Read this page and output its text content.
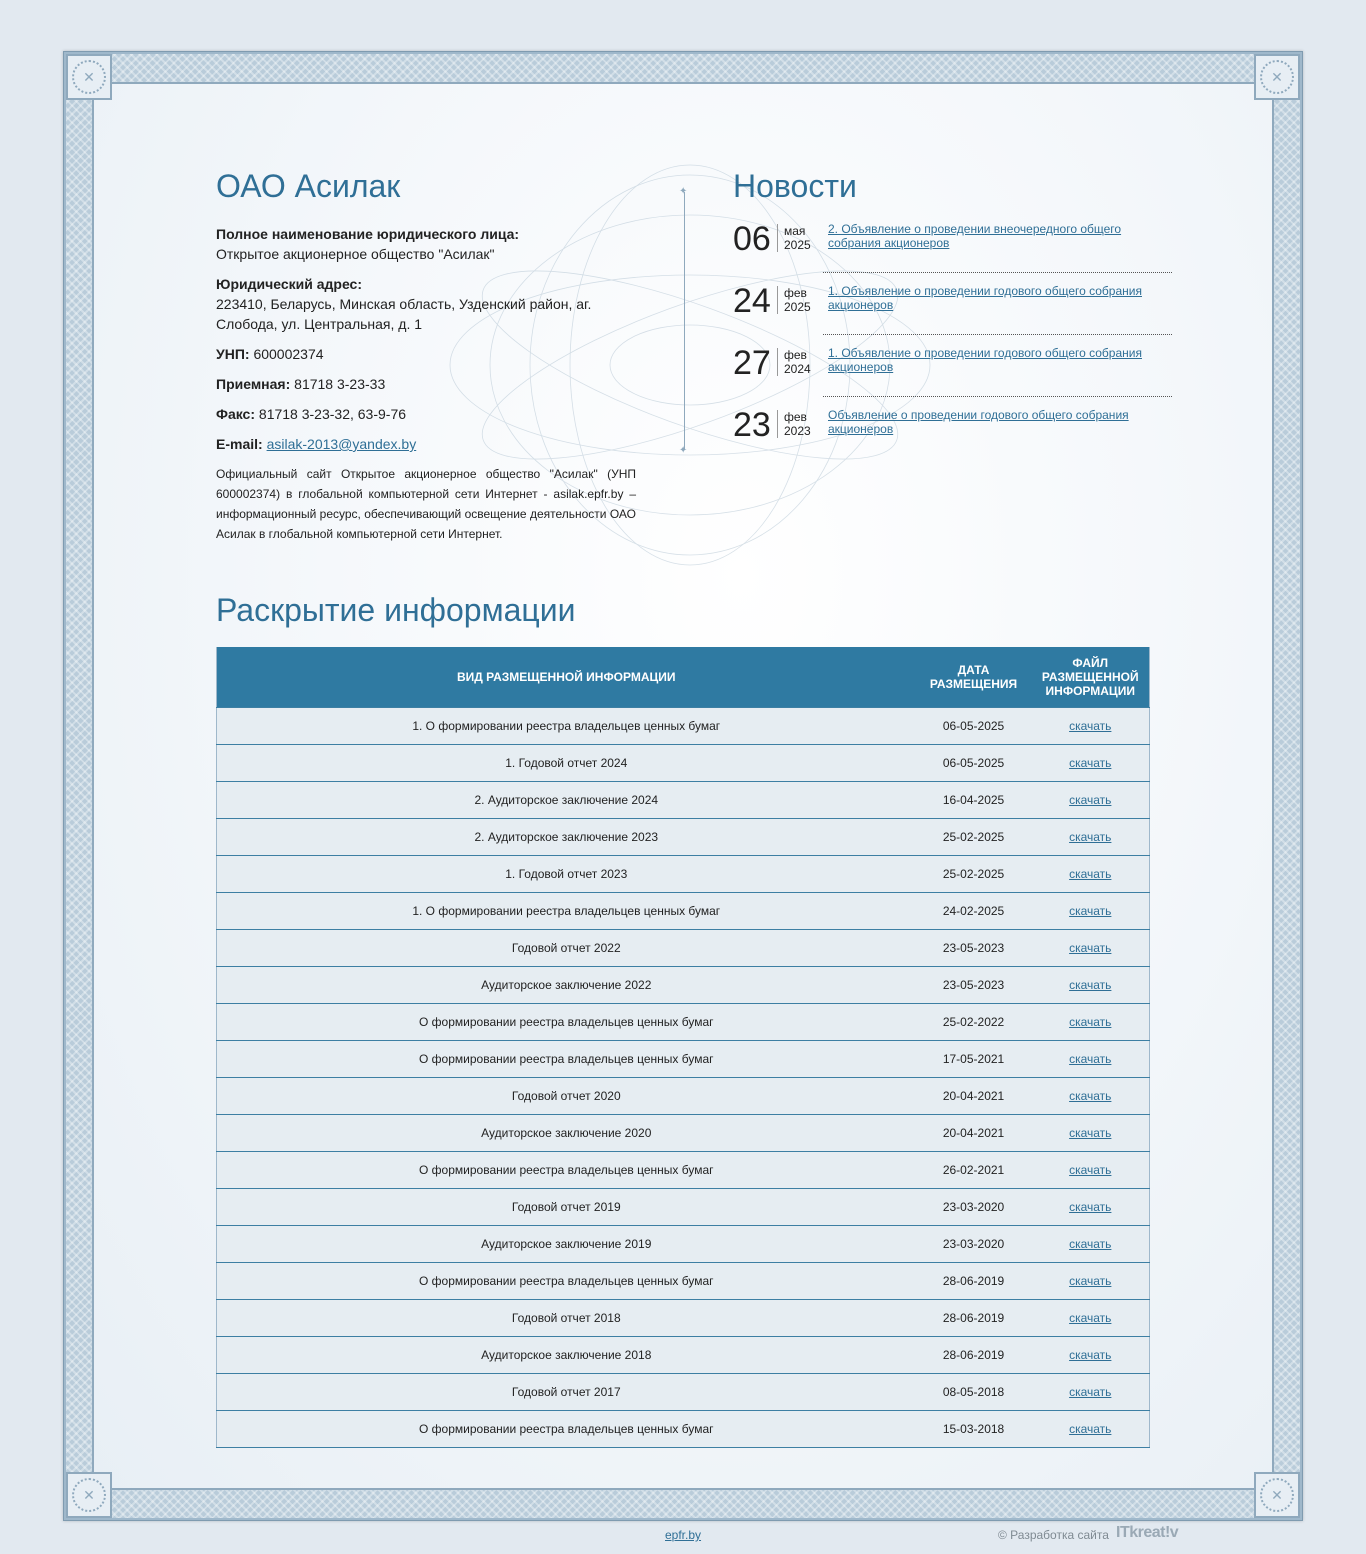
✕	✕
✕	✕
ОАО Асилак
Полное наименование юридического лица:
Открытое акционерное общество "Асилак"
Юридический адрес:
223410, Беларусь, Минская область, Узденский район, аг. Слобода, ул. Центральная, д. 1
УНП: 600002374
Приемная: 81718 3-23-33
Факс: 81718 3-23-32, 63-9-76
E-mail: asilak-2013@yandex.by
Официальный сайт Открытое акционерное общество "Асилак" (УНП 600002374) в глобальной компьютерной сети Интернет - asilak.epfr.by – информационный ресурс, обеспечивающий освещение деятельности ОАО Асилак в глобальной компьютерной сети Интернет.
✦ ✦
Новости
06	мая
2025
2. Объявление о проведении внеочередного общего собрания акционеров
24	фев
2025
1. Объявление о проведении годового общего собрания акционеров
27	фев
2024
1. Объявление о проведении годового общего собрания акционеров
23	фев
2023
Объявление о проведении годового общего собрания акционеров
Раскрытие информации
ВИД РАЗМЕЩЕННОЙ ИНФОРМАЦИИ	ДАТА РАЗМЕЩЕНИЯ	ФАЙЛ РАЗМЕЩЕННОЙ ИНФОРМАЦИИ
1. О формировании реестра владельцев ценных бумаг	06-05-2025	скачать
1. Годовой отчет 2024	06-05-2025	скачать
2. Аудиторское заключение 2024	16-04-2025	скачать
2. Аудиторское заключение 2023	25-02-2025	скачать
1. Годовой отчет 2023	25-02-2025	скачать
1. О формировании реестра владельцев ценных бумаг	24-02-2025	скачать
Годовой отчет 2022	23-05-2023	скачать
Аудиторское заключение 2022	23-05-2023	скачать
О формировании реестра владельцев ценных бумаг	25-02-2022	скачать
О формировании реестра владельцев ценных бумаг	17-05-2021	скачать
Годовой отчет 2020	20-04-2021	скачать
Аудиторское заключение 2020	20-04-2021	скачать
О формировании реестра владельцев ценных бумаг	26-02-2021	скачать
Годовой отчет 2019	23-03-2020	скачать
Аудиторское заключение 2019	23-03-2020	скачать
О формировании реестра владельцев ценных бумаг	28-06-2019	скачать
Годовой отчет 2018	28-06-2019	скачать
Аудиторское заключение 2018	28-06-2019	скачать
Годовой отчет 2017	08-05-2018	скачать
О формировании реестра владельцев ценных бумаг	15-03-2018	скачать
epfr.by	© Разработка сайта ITkreat!v
